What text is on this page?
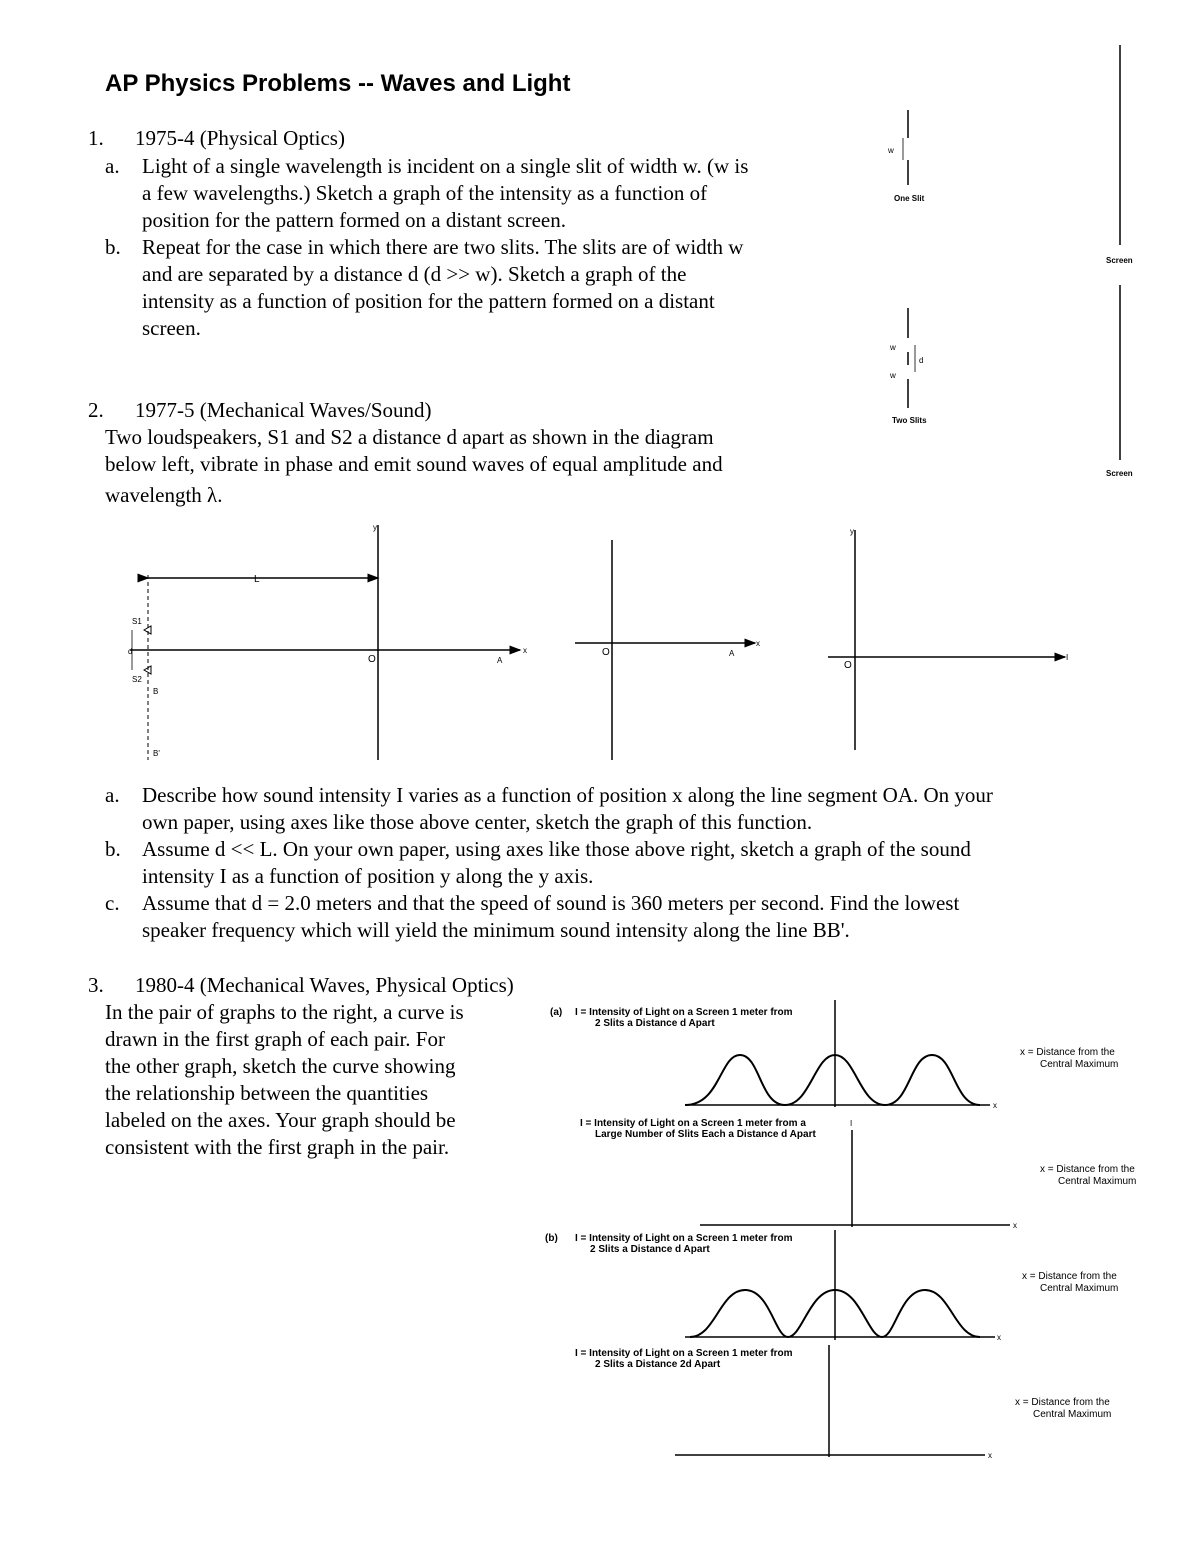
AP Physics Problems -- Waves and Light
1. 1975-4 (Physical Optics)
a. Light of a single wavelength is incident on a single slit of width w. (w is
a few wavelengths.) Sketch a graph of the intensity as a function of
position for the pattern formed on a distant screen.
b. Repeat for the case in which there are two slits. The slits are of width w
and are separated by a distance d (d >> w). Sketch a graph of the
intensity as a function of position for the pattern formed on a distant
screen.
Screen
Screen
w
One Slit
d
w
w
Two Slits
2. 1977-5 (Mechanical Waves/Sound)
Two loudspeakers, S1 and S2 a distance d apart as shown in the diagram
below left, vibrate in phase and emit sound waves of equal amplitude and
wavelength λ.
L
y
x
O	A
S1
S2
d
B
B'
x
O	A
y
I
O
a. Describe how sound intensity I varies as a function of position x along the line segment OA. On your
own paper, using axes like those above center, sketch the graph of this function.
b. Assume d << L. On your own paper, using axes like those above right, sketch a graph of the sound
intensity I as a function of position y along the y axis.
c. Assume that d = 2.0 meters and that the speed of sound is 360 meters per second. Find the lowest
speaker frequency which will yield the minimum sound intensity along the line BB'.
3. 1980-4 (Mechanical Waves, Physical Optics)
In the pair of graphs to the right, a curve is
drawn in the first graph of each pair. For
the other graph, sketch the curve showing
the relationship between the quantities
labeled on the axes. Your graph should be
consistent with the first graph in the pair.
(a) I = Intensity of Light on a Screen 1 meter from
2 Slits a Distance d Apart
x
x = Distance from the
Central Maximum
I = Intensity of Light on a Screen 1 meter from a
Large Number of Slits Each a Distance d Apart
I
x
x = Distance from the
Central Maximum
(b) I = Intensity of Light on a Screen 1 meter from
2 Slits a Distance d Apart
x
x = Distance from the
Central Maximum
I = Intensity of Light on a Screen 1 meter from
2 Slits a Distance 2d Apart
x
x = Distance from the
Central Maximum
